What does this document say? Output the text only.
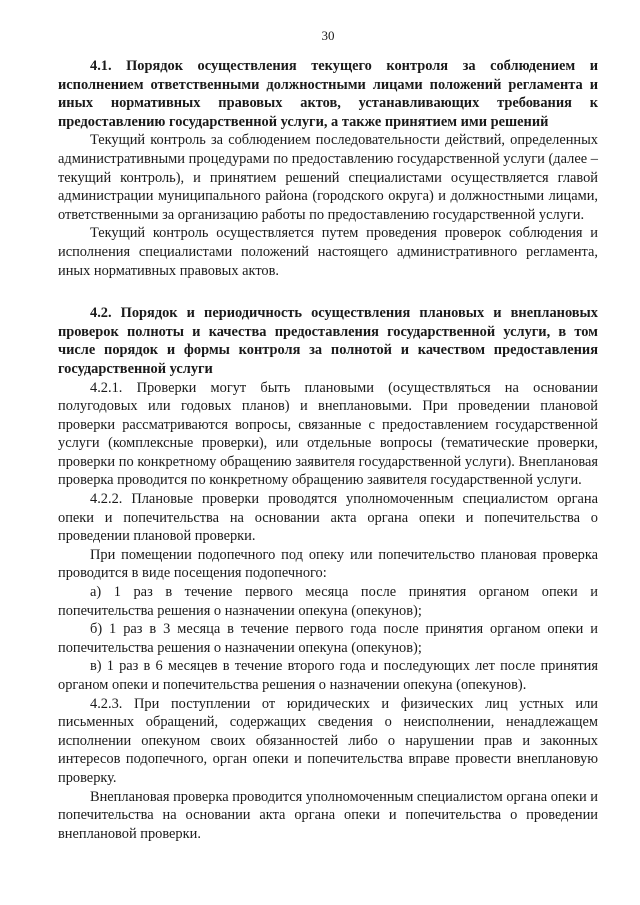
30

4.1. Порядок осуществления текущего контроля за соблюдением и исполнением ответственными должностными лицами положений регламента и иных нормативных правовых актов, устанавливающих требования к предоставлению государственной услуги, а также принятием ими решений

Текущий контроль за соблюдением последовательности действий, определенных административными процедурами по предоставлению государственной услуги (далее – текущий контроль), и принятием решений специалистами осуществляется главой администрации муниципального района (городского округа) и должностными лицами, ответственными за организацию работы по предоставлению государственной услуги.

Текущий контроль осуществляется путем проведения проверок соблюдения и исполнения специалистами положений настоящего административного регламента, иных нормативных правовых актов.

4.2. Порядок и периодичность осуществления плановых и внеплановых проверок полноты и качества предоставления государственной услуги, в том числе порядок и формы контроля за полнотой и качеством предоставления государственной услуги

4.2.1. Проверки могут быть плановыми (осуществляться на основании полугодовых или годовых планов) и внеплановыми. При проведении плановой проверки рассматриваются вопросы, связанные с предоставлением государственной услуги (комплексные проверки), или отдельные вопросы (тематические проверки, проверки по конкретному обращению заявителя государственной услуги). Внеплановая проверка проводится по конкретному обращению заявителя государственной услуги.

4.2.2. Плановые проверки проводятся уполномоченным специалистом органа опеки и попечительства на основании акта органа опеки и попечительства о проведении плановой проверки.

При помещении подопечного под опеку или попечительство плановая проверка проводится в виде посещения подопечного:

а) 1 раз в течение первого месяца после принятия органом опеки и попечительства решения о назначении опекуна (опекунов);

б) 1 раз в 3 месяца в течение первого года после принятия органом опеки и попечительства решения о назначении опекуна (опекунов);

в) 1 раз в 6 месяцев в течение второго года и последующих лет после принятия органом опеки и попечительства решения о назначении опекуна (опекунов).

4.2.3. При поступлении от юридических и физических лиц устных или письменных обращений, содержащих сведения о неисполнении, ненадлежащем исполнении опекуном своих обязанностей либо о нарушении прав и законных интересов подопечного, орган опеки и попечительства вправе провести внеплановую проверку.

Внеплановая проверка проводится уполномоченным специалистом органа опеки и попечительства на основании акта органа опеки и попечительства о проведении внеплановой проверки.
